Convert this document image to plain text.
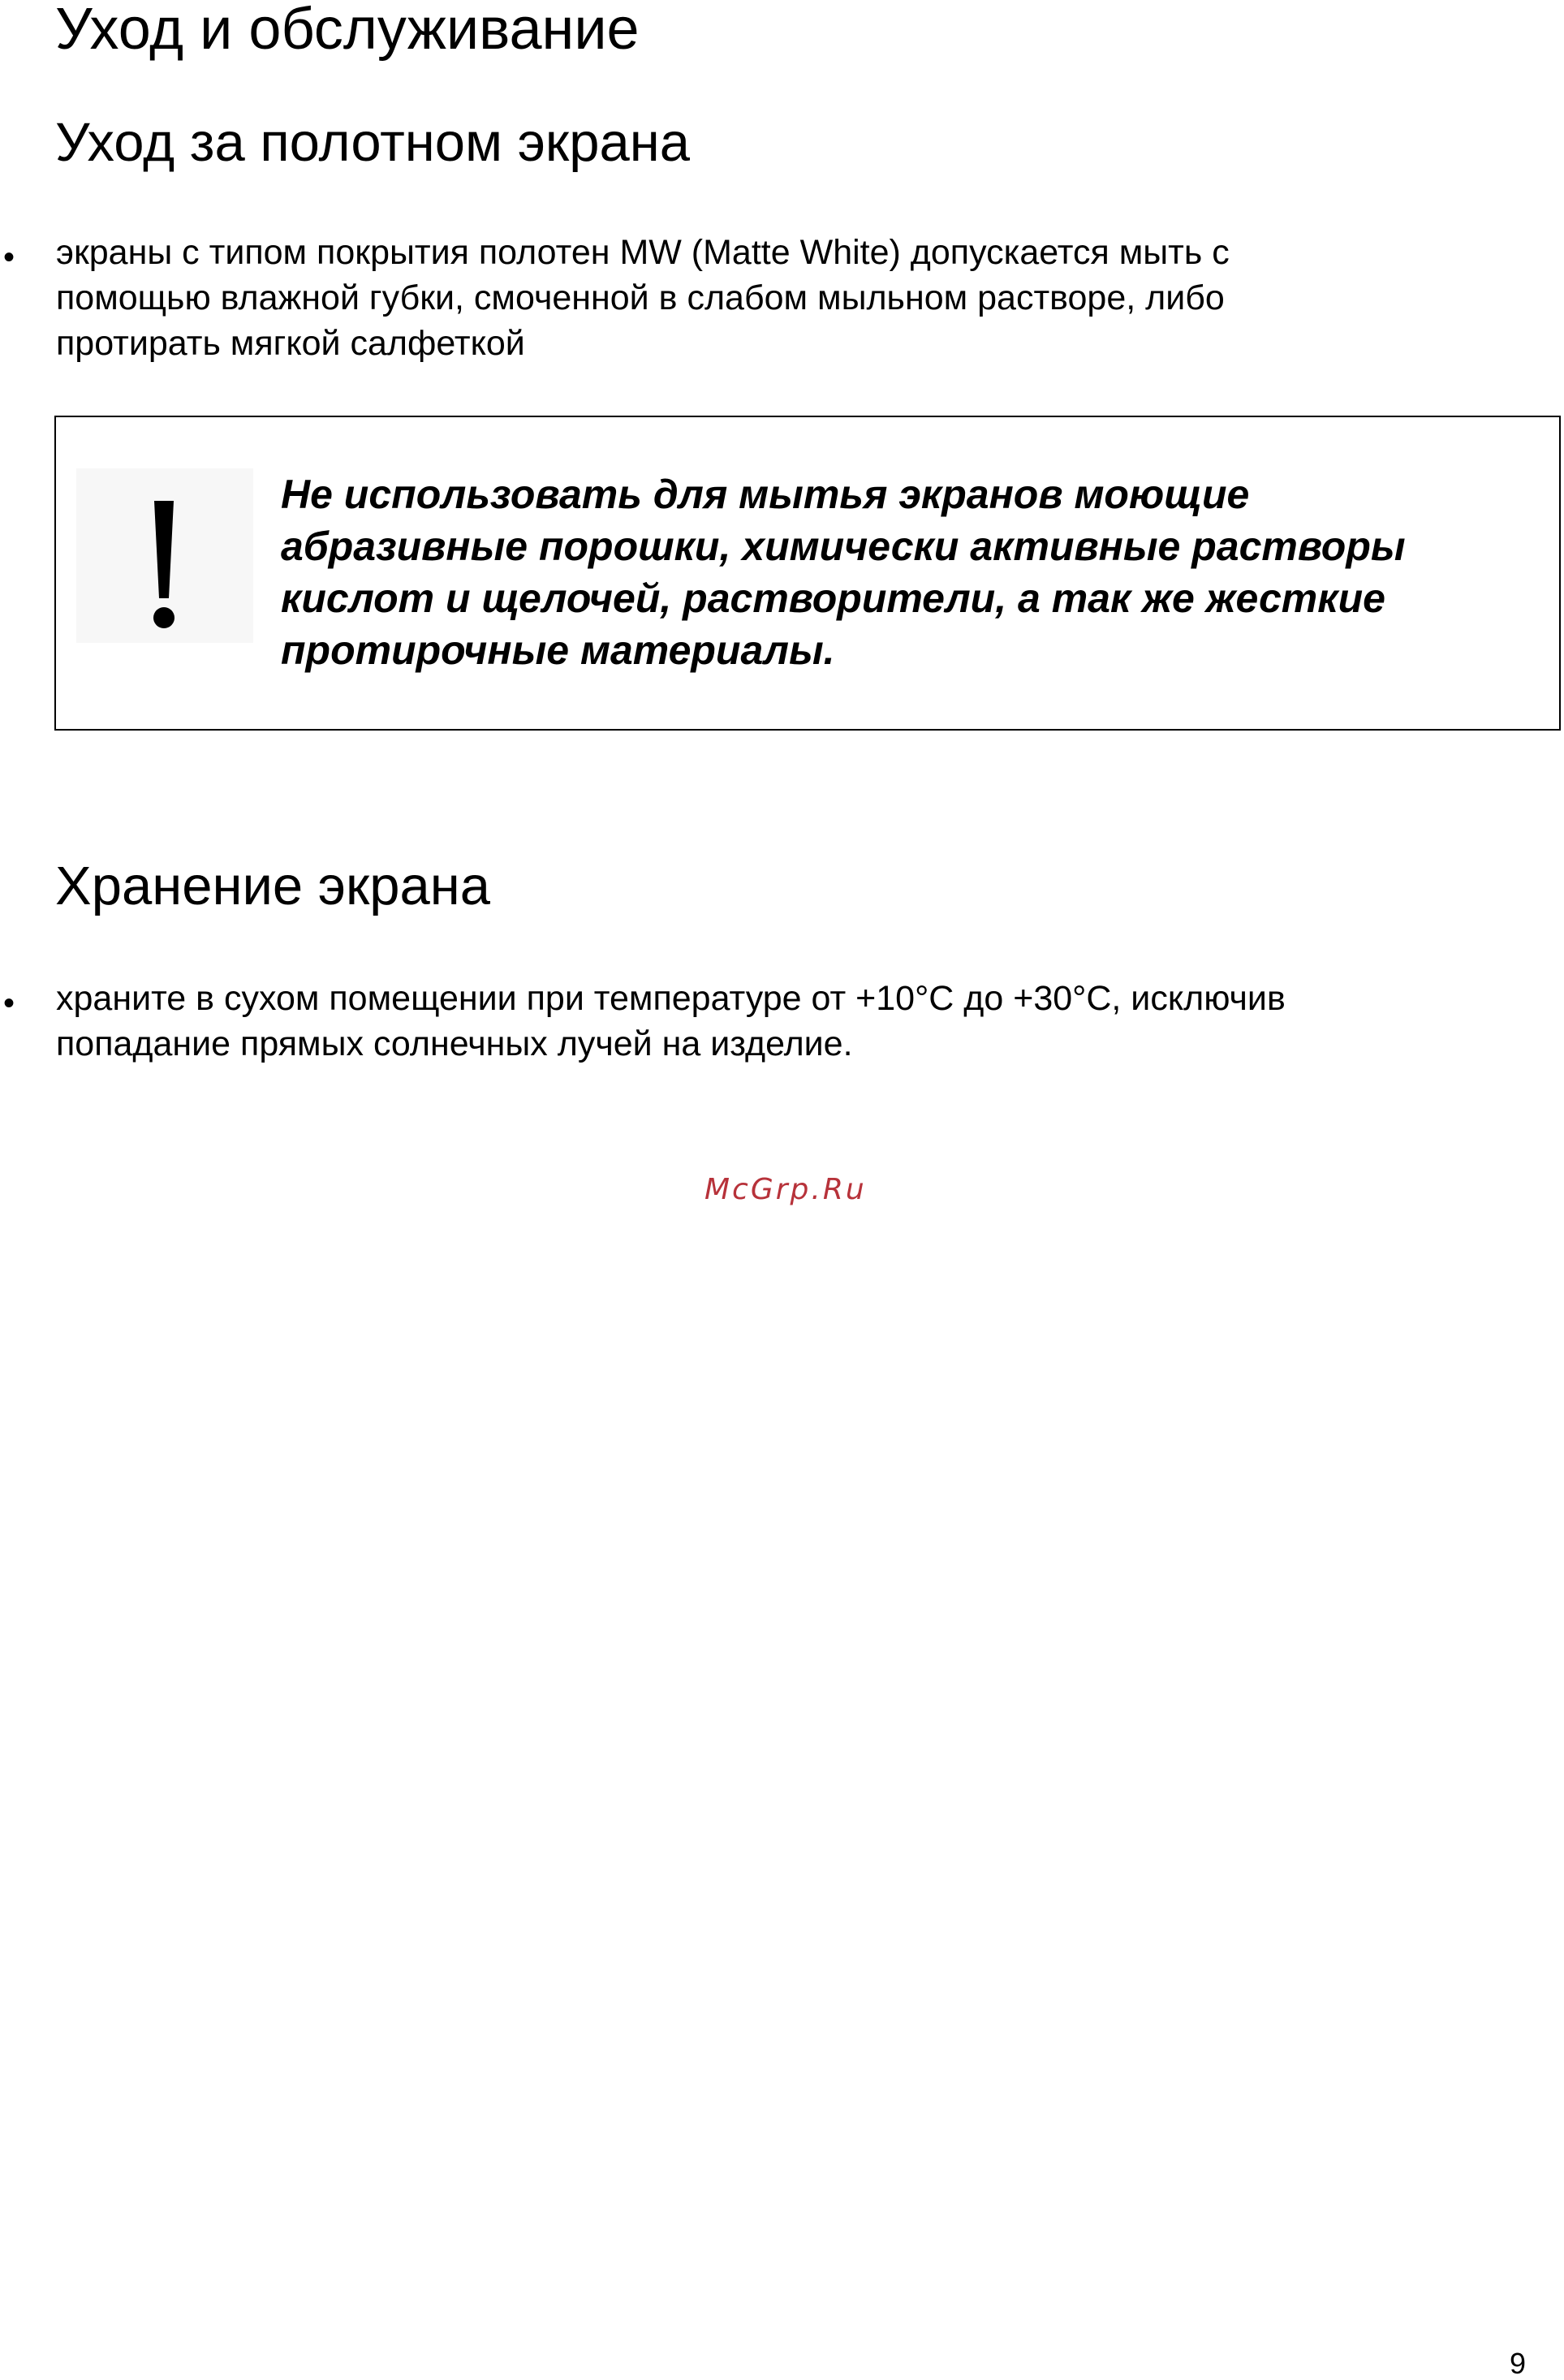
Уход и обслуживание
Уход за полотном экрана
• экраны с типом покрытия полотен MW (Matte White) допускается мыть с
помощью влажной губки, смоченной в слабом мыльном растворе, либо
протирать мягкой салфеткой
Не использовать для мытья экранов моющие
абразивные порошки, химически активные растворы
кислот и щелочей, растворители, а так же жесткие
протирочные материалы.
Хранение экрана
• храните в сухом помещении при температуре от +10°С до +30°С, исключив
попадание прямых солнечных лучей на изделие.
McGrp.Ru
9
